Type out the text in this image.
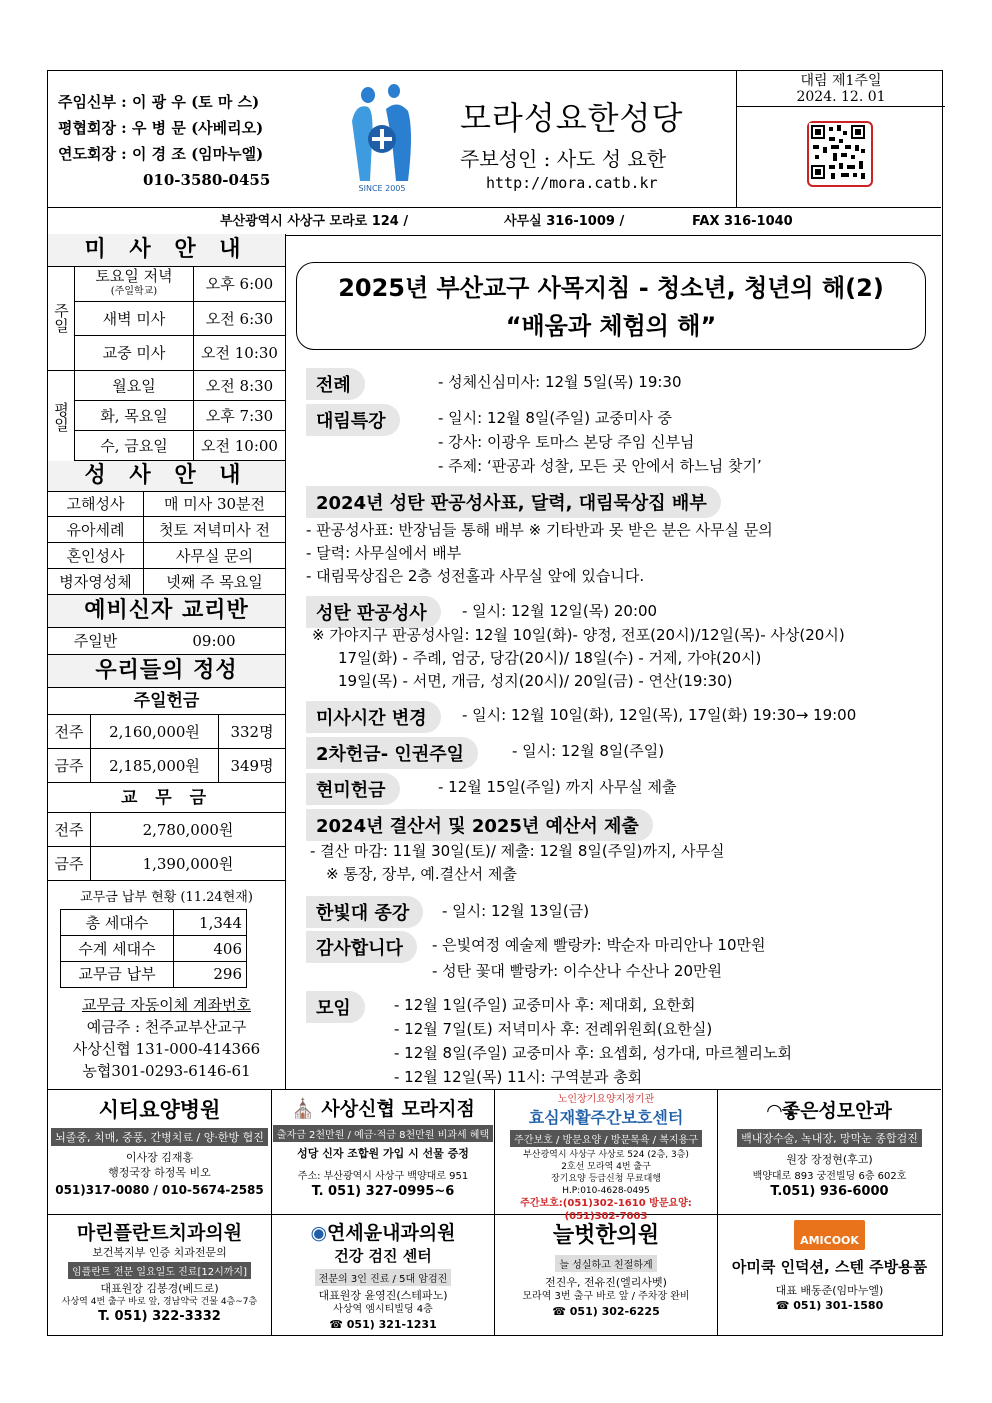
주임신부 : 이 광 우 (토 마 스)
평협회장 : 우 병 문 (사베리오)
연도회장 : 이 경 조 (임마누엘)
010-3580-0455	SINCE 2005
모라성요한성당
주보성인 : 사도 성 요한
http://mora.catb.kr
대림 제1주일
2024. 12. 01
부산광역시 사상구 모라로 124 /	사무실 316-1009 /	FAX 316-1040
미 사 안 내
주일
평일
토요일 저녁
(주일학교)	오후 6:00
새벽 미사	오전 6:30
교중 미사	오전 10:30
월요일	오전 8:30
화, 목요일	오후 7:30
수, 금요일	오전 10:00
성 사 안 내
고해성사	매 미사 30분전
유아세례	첫토 저녁미사 전
혼인성사	사무실 문의
병자영성체	넷째 주 목요일
예비신자 교리반
주일반	09:00
우리들의 정성
주일헌금
전주	2,160,000원	332명
금주	2,185,000원	349명
교 무 금
전주	2,780,000원
금주	1,390,000원
교무금 납부 현황 (11.24현재)
총 세대수	1,344
수계 세대수	406
교무금 납부	296
교무금 자동이체 계좌번호
예금주 : 천주교부산교구
사상신협 131-000-414366
농협301-0293-6146-61
2025년 부산교구 사목지침 - 청소년, 청년의 해(2)
“배움과 체험의 해”
전례	- 성체신심미사: 12월 5일(목) 19:30
대림특강	- 일시: 12월 8일(주일) 교중미사 중
- 강사: 이광우 토마스 본당 주임 신부님
- 주제: ‘판공과 성찰, 모든 곳 안에서 하느님 찾기’
2024년 성탄 판공성사표, 달력, 대림묵상집 배부
- 판공성사표: 반장님들 통해 배부 ※ 기타반과 못 받은 분은 사무실 문의
- 달력: 사무실에서 배부
- 대림묵상집은 2층 성전홀과 사무실 앞에 있습니다.
성탄 판공성사	- 일시: 12월 12일(목) 20:00
※ 가야지구 판공성사일: 12월 10일(화)- 양정, 전포(20시)/12일(목)- 사상(20시)
17일(화) - 주례, 엄궁, 당감(20시)/ 18일(수) - 거제, 가야(20시)
19일(목) - 서면, 개금, 성지(20시)/ 20일(금) - 연산(19:30)
미사시간 변경	- 일시: 12월 10일(화), 12일(목), 17일(화) 19:30→ 19:00
2차헌금- 인권주일	- 일시: 12월 8일(주일)
현미헌금	- 12월 15일(주일) 까지 사무실 제출
2024년 결산서 및 2025년 예산서 제출
- 결산 마감: 11월 30일(토)/ 제출: 12월 8일(주일)까지, 사무실
※ 통장, 장부, 예.결산서 제출
한빛대 종강	- 일시: 12월 13일(금)
감사합니다	- 은빛여정 예술제 빨랑카: 박순자 마리안나 10만원
- 성탄 꽃대 빨랑카: 이수산나 수산나 20만원
모임	- 12월 1일(주일) 교중미사 후: 제대회, 요한회
- 12월 7일(토) 저녁미사 후: 전례위원회(요한실)
- 12월 8일(주일) 교중미사 후: 요셉회, 성가대, 마르첼리노회
- 12월 12일(목) 11시: 구역분과 총회
시티요양병원
뇌졸중, 치매, 중풍, 간병치료 / 양·한방 협진
이사장 김재홍
행정국장 하정목 비오
051)317-0080 / 010-5674-2585
⛪ 사상신협 모라지점
출자금 2천만원 / 예금·적금 8천만원 비과세 혜택
성당 신자 조합원 가입 시 선물 증정
주소: 부산광역시 사상구 백양대로 951
T. 051) 327-0995~6
노인장기요양지정기관
효심재활주간보호센터
주간보호 / 방문요양 / 방문목욕 / 복지용구
부산광역시 사상구 사상로 524 (2층, 3층)
2호선 모라역 4번 출구
장기요양 등급신청 무료대행
H.P:010-4628-0495
주간보호:(051)302-1610 방문요양:(051)302-7003
◠좋은성모안과
백내장수술, 녹내장, 망막눈 종합검진
원장 장정현(후고)
백양대로 893 궁전빌딩 6층 602호
T.051) 936-6000
마린플란트치과의원
보건복지부 인증 치과전문의
임플란트 전문 일요일도 진료[12시까지]
대표원장 김봉경(베드로)
사상역 4번 출구 바로 앞, 경남약국 건물 4층~7층
T. 051) 322-3332
◉연세윤내과의원
건강 검진 센터
전문의 3인 진료 / 5대 암검진
대표원장 윤영진(스테파노)
사상역 엠시티빌딩 4층
☎ 051) 321-1231
늘벗한의원
늘 성실하고 친절하게
전진우, 전유진(엘리사벳)
모라역 3번 출구 바로 앞 / 주차장 완비
☎ 051) 302-6225
AMICOOK
아미쿡 인덕션, 스텐 주방용품
대표 배동준(임마누엘)
☎ 051) 301-1580
